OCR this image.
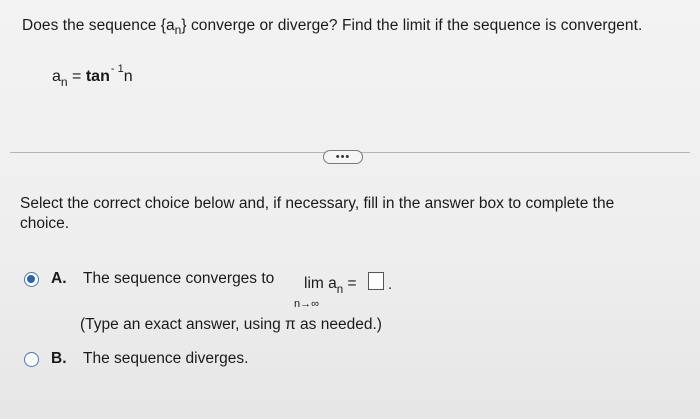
Does the sequence $\{a_n\}$ converge or diverge? Find the limit if the sequence is convergent.
$a_n = \tan^{- 1}n$
•••
Select the correct choice below and, if necessary, fill in the answer box to complete the choice.
A.	The sequence converges to $\lim a_n$ =
n→∞
.
(Type an exact answer, using π as needed.)
B.	The sequence diverges.
